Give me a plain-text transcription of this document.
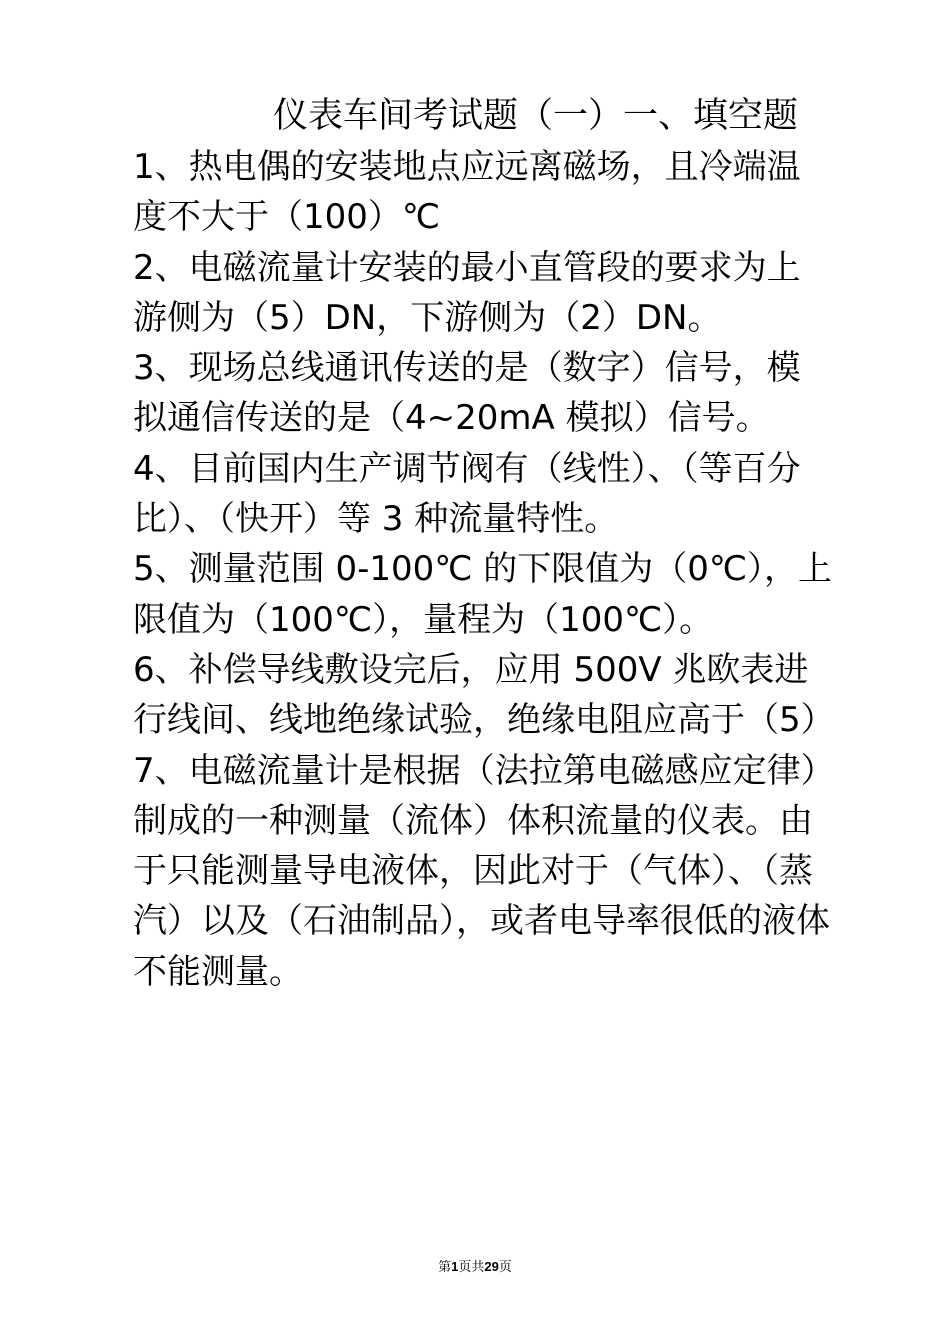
仪表车间考试题（一）一、填空题

1、热电偶的安装地点应远离磁场，且冷端温度不大于（100）℃

2、电磁流量计安装的最小直管段的要求为上游侧为（5）DN，下游侧为（2）DN。

3、现场总线通讯传送的是（数字）信号，模拟通信传送的是（4~20mA 模拟）信号。

4、目前国内生产调节阀有（线性）、（等百分比）、（快开）等 3 种流量特性。

5、测量范围 0-100℃ 的下限值为（0℃），上限值为（100℃），量程为（100℃）。

6、补偿导线敷设完后，应用 500V 兆欧表进行线间、线地绝缘试验，绝缘电阻应高于（5）

7、电磁流量计是根据（法拉第电磁感应定律）制成的一种测量（流体）体积流量的仪表。由于只能测量导电液体，因此对于（气体）、（蒸汽）以及（石油制品），或者电导率很低的液体不能测量。

第1页共29页
